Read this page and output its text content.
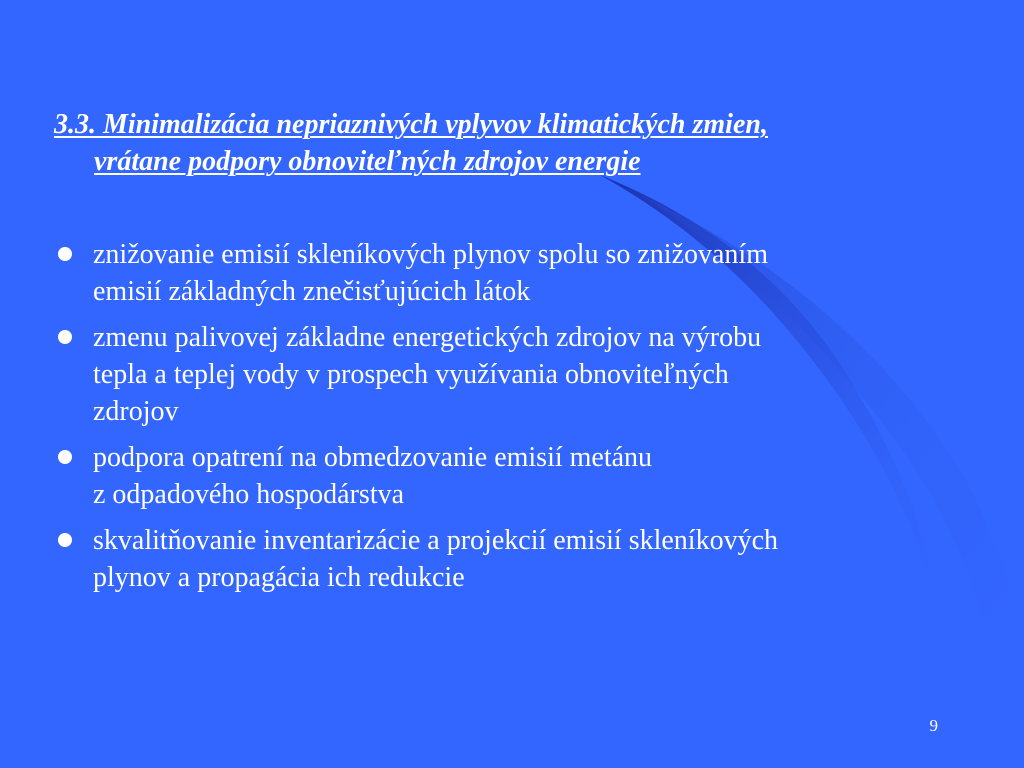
3.3. Minimalizácia nepriaznivých vplyvov klimatických zmien,
vrátane podpory obnoviteľných zdrojov energie
znižovanie emisií skleníkových plynov spolu so znižovaním
emisií základných znečisťujúcich látok
zmenu palivovej základne energetických zdrojov na výrobu
tepla a teplej vody v prospech využívania obnoviteľných
zdrojov
podpora opatrení na obmedzovanie emisií metánu
z odpadového hospodárstva
skvalitňovanie inventarizácie a projekcií emisií skleníkových
plynov a propagácia ich redukcie
9
